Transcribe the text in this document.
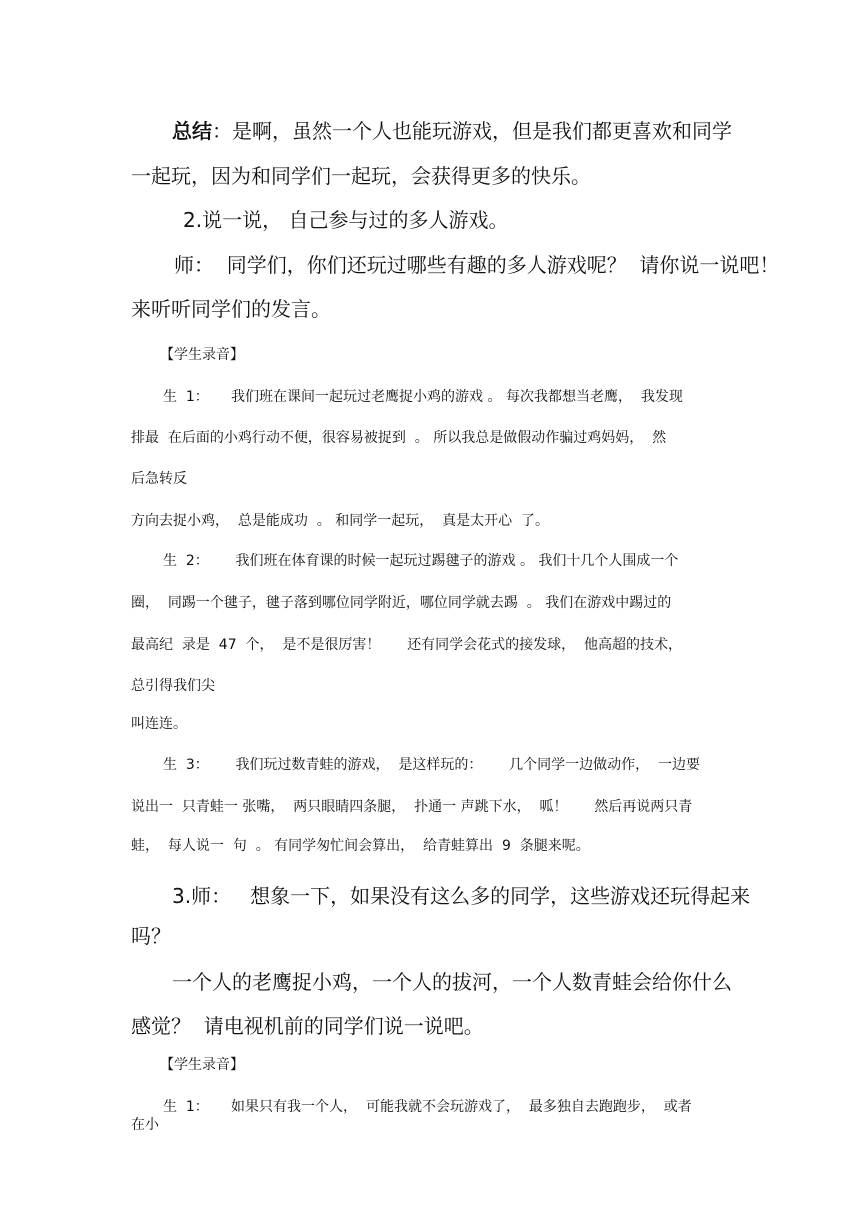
总结：是啊，虽然一个人也能玩游戏，但是我们都更喜欢和同学

一起玩，因为和同学们一起玩，会获得更多的快乐。

2.说一说， 自己参与过的多人游戏。

师：  同学们，你们还玩过哪些有趣的多人游戏呢？  请你说一说吧！

来听听同学们的发言。

【学生录音】

生  1：     我们班在课间一起玩过老鹰捉小鸡的游戏 。 每次我都想当老鹰，  我发现

排最  在后面的小鸡行动不便，很容易被捉到  。 所以我总是做假动作骗过鸡妈妈，  然

后急转反

方向去捉小鸡，  总是能成功  。 和同学一起玩，  真是太开心  了。

生  2：      我们班在体育课的时候一起玩过踢毽子的游戏 。 我们十几个人围成一个

圈，  同踢一个毽子，毽子落到哪位同学附近，哪位同学就去踢  。 我们在游戏中踢过的

最高纪  录是  47  个，  是不是很厉害！      还有同学会花式的接发球，  他高超的技术，

总引得我们尖

叫连连。

生  3：      我们玩过数青蛙的游戏，  是这样玩的：      几个同学一边做动作，  一边要

说出一  只青蛙一 张嘴，  两只眼睛四条腿，  扑通一 声跳下水，  呱！      然后再说两只青

蛙，  每人说一  句  。 有同学匆忙间会算出，  给青蛙算出  9  条腿来呢。

3.师：   想象一下，如果没有这么多的同学，这些游戏还玩得起来

吗？

一个人的老鹰捉小鸡，一个人的拔河，一个人数青蛙会给你什么

感觉？  请电视机前的同学们说一说吧。

【学生录音】

生  1：     如果只有我一个人，  可能我就不会玩游戏了，  最多独自去跑跑步，  或者

在小
